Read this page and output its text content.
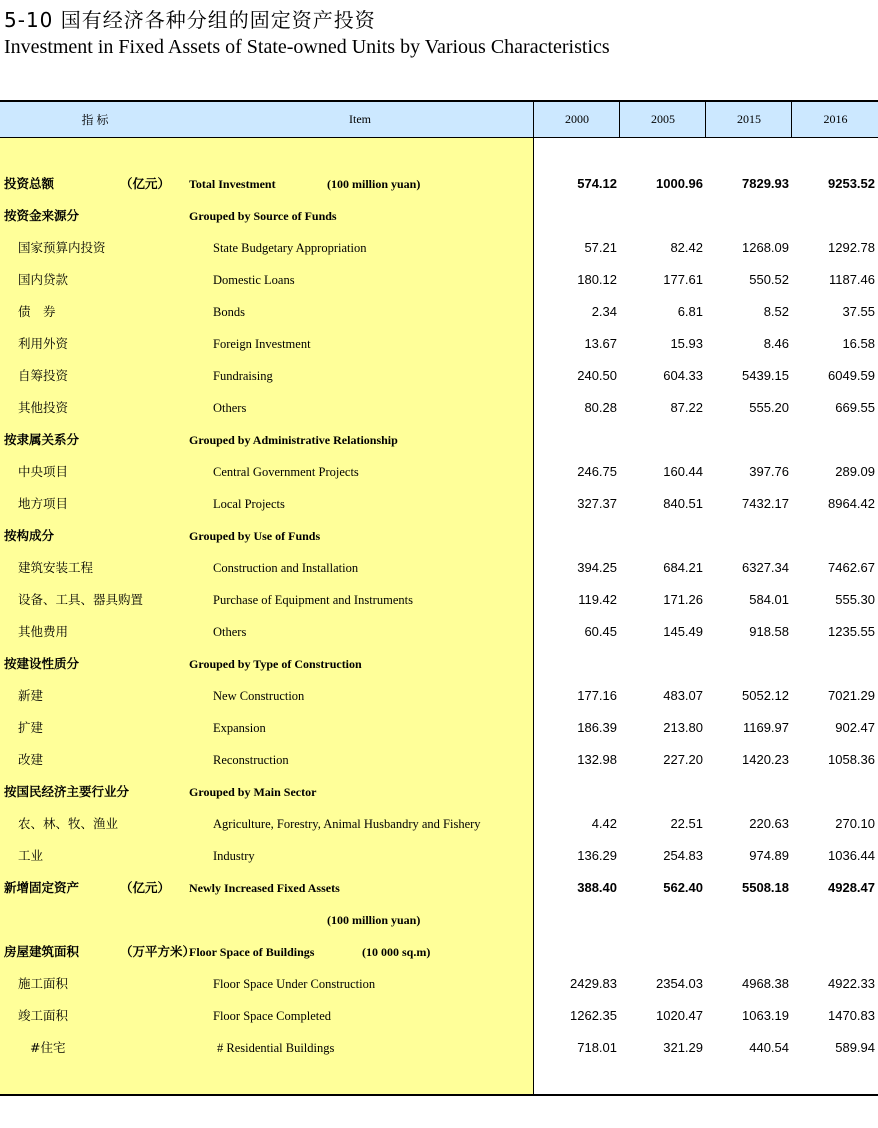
5-10 国有经济各种分组的固定资产投资
Investment in Fixed Assets of State-owned Units by Various Characteristics
指 标	Item	2000	2005	2015	2016
投资总额	（亿元） Total Investment	(100 million yuan)	574.12	1000.96	7829.93	9253.52
按资金来源分	Grouped by Source of Funds
国家预算内投资	State Budgetary Appropriation	57.21	82.42	1268.09	1292.78
国内贷款	Domestic Loans	180.12	177.61	550.52	1187.46
债　券	Bonds	2.34	6.81	8.52	37.55
利用外资	Foreign Investment	13.67	15.93	8.46	16.58
自筹投资	Fundraising	240.50	604.33	5439.15	6049.59
其他投资	Others	80.28	87.22	555.20	669.55
按隶属关系分	Grouped by Administrative Relationship
中央项目	Central Government Projects	246.75	160.44	397.76	289.09
地方项目	Local Projects	327.37	840.51	7432.17	8964.42
按构成分	Grouped by Use of Funds
建筑安装工程	Construction and Installation	394.25	684.21	6327.34	7462.67
设备、工具、器具购置	Purchase of Equipment and Instruments	119.42	171.26	584.01	555.30
其他费用	Others	60.45	145.49	918.58	1235.55
按建设性质分	Grouped by Type of Construction
新建	New Construction	177.16	483.07	5052.12	7021.29
扩建	Expansion	186.39	213.80	1169.97	902.47
改建	Reconstruction	132.98	227.20	1420.23	1058.36
按国民经济主要行业分	Grouped by Main Sector
农、林、牧、渔业	Agriculture, Forestry, Animal Husbandry and Fishery	4.42	22.51	220.63	270.10
工业	Industry	136.29	254.83	974.89	1036.44
新增固定资产	（亿元） Newly Increased Fixed Assets	388.40	562.40	5508.18	4928.47
(100 million yuan)
房屋建筑面积	（万平方米）
Floor Space of Buildings	(10 000 sq.m)
施工面积	Floor Space Under Construction	2429.83	2354.03	4968.38	4922.33
竣工面积	Floor Space Completed	1262.35	1020.47	1063.19	1470.83
#住宅	# Residential Buildings	718.01	321.29	440.54	589.94
